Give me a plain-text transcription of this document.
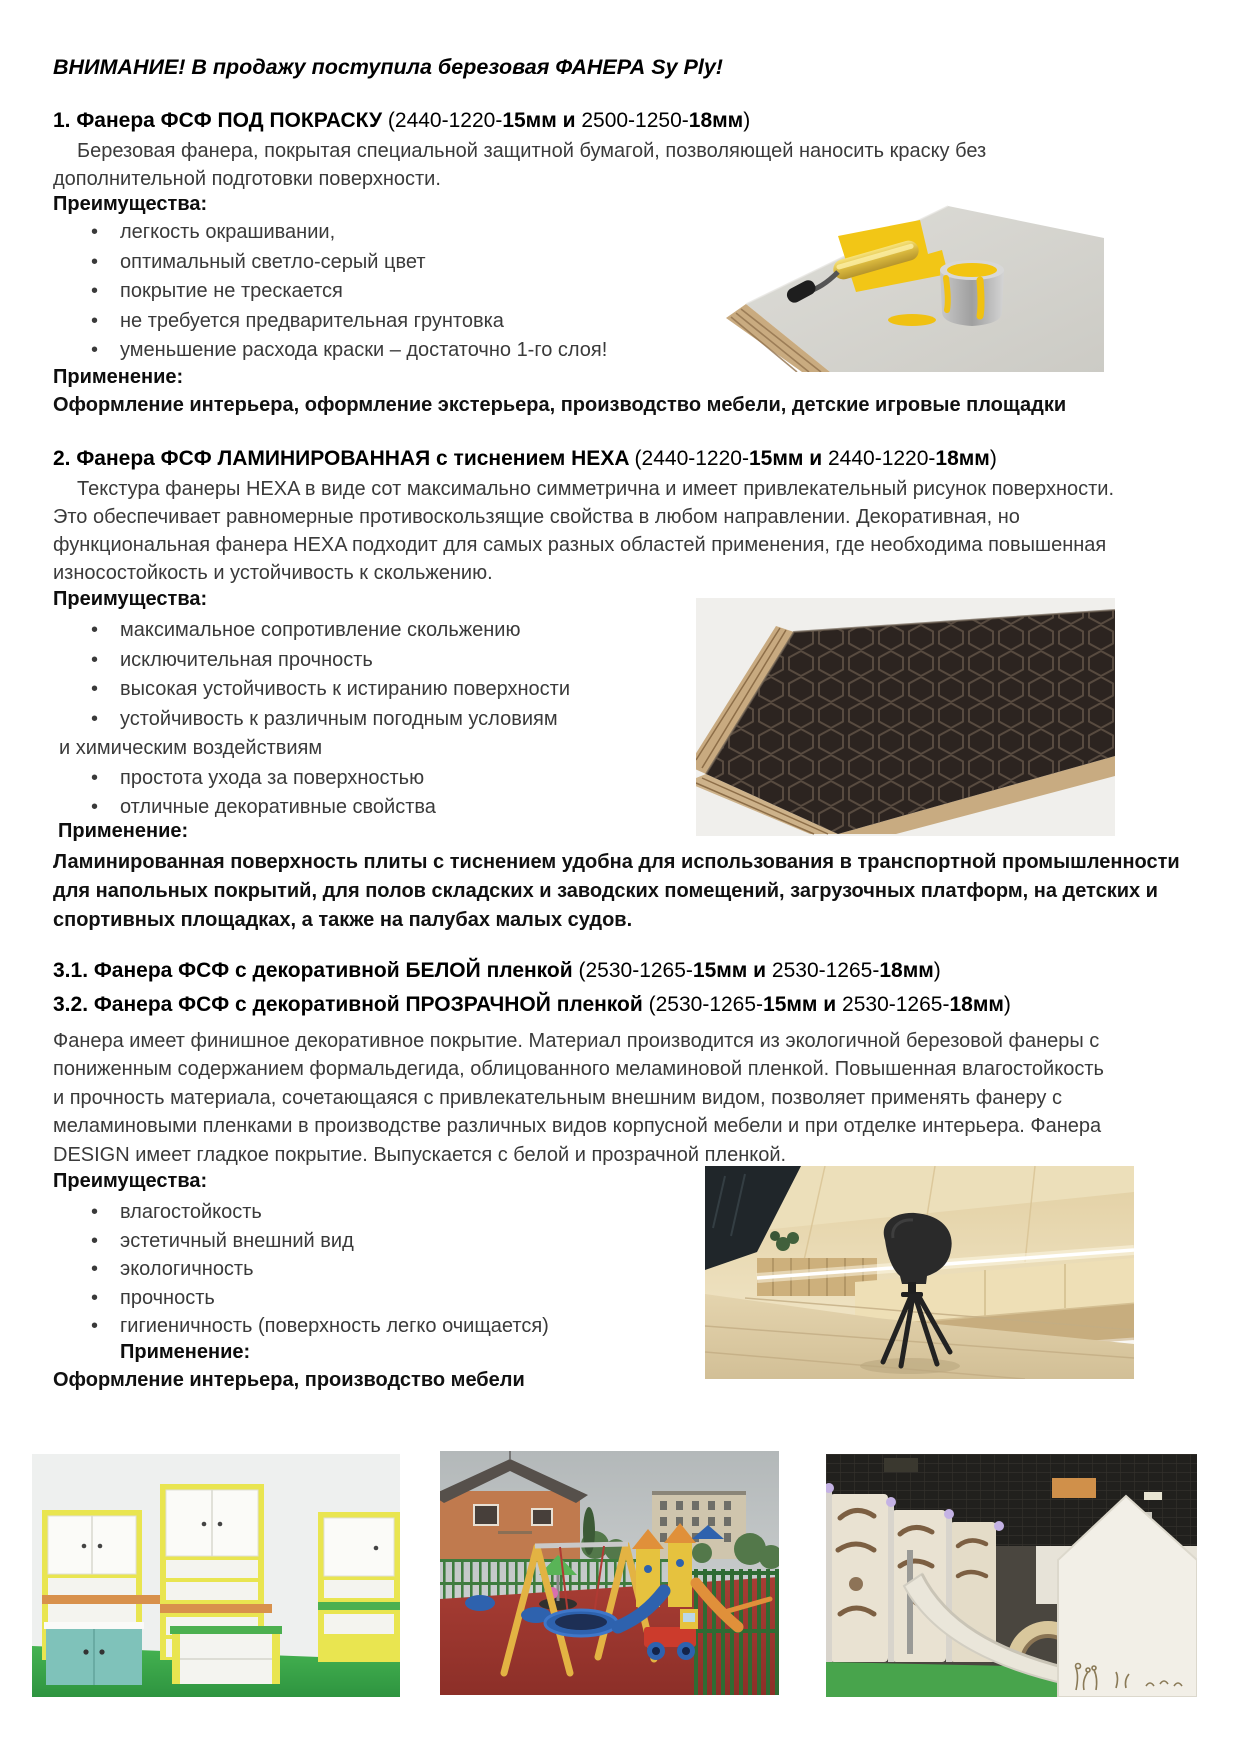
ВНИМАНИЕ! В продажу поступила березовая ФАНЕРА Sy Ply!
1. Фанера ФСФ ПОД ПОКРАСКУ (2440-1220-15мм и 2500-1250-18мм)
Березовая фанера, покрытая специальной защитной бумагой, позволяющей наносить краску без
дополнительной подготовки поверхности.
Преимущества:
• легкость окрашивании,
• оптимальный светло-серый цвет
• покрытие не трескается
• не требуется предварительная грунтовка
• уменьшение расхода краски – достаточно 1-го слоя!
Применение:
Оформление интерьера, оформление экстерьера, производство мебели, детские игровые площадки
2. Фанера ФСФ ЛАМИНИРОВАННАЯ с тиснением HEXA (2440-1220-15мм и 2440-1220-18мм)
Текстура фанеры HEXA в виде сот максимально симметрична и имеет привлекательный рисунок поверхности.
Это обеспечивает равномерные противоскользящие свойства в любом направлении. Декоративная, но
функциональная фанера HEXA подходит для самых разных областей применения, где необходима повышенная
износостойкость и устойчивость к скольжению.
Преимущества:
• максимальное сопротивление скольжению
• исключительная прочность
• высокая устойчивость к истиранию поверхности
• устойчивость к различным погодным условиям
и химическим воздействиям
• простота ухода за поверхностью
• отличные декоративные свойства
Применение:
Ламинированная поверхность плиты с тиснением удобна для использования в транспортной промышленности
для напольных покрытий, для полов складских и заводских помещений, загрузочных платформ, на детских и
спортивных площадках, а также на палубах малых судов.
3.1. Фанера ФСФ с декоративной БЕЛОЙ пленкой (2530-1265-15мм и 2530-1265-18мм)
3.2. Фанера ФСФ с декоративной ПРОЗРАЧНОЙ пленкой (2530-1265-15мм и 2530-1265-18мм)
Фанера имеет финишное декоративное покрытие. Материал производится из экологичной березовой фанеры с
пониженным содержанием формальдегида, облицованного меламиновой пленкой. Повышенная влагостойкость
и прочность материала, сочетающаяся с привлекательным внешним видом, позволяет применять фанеру с
меламиновыми пленками в производстве различных видов корпусной мебели и при отделке интерьера. Фанера
DESIGN имеет гладкое покрытие. Выпускается с белой и прозрачной пленкой.
Преимущества:
• влагостойкость
• эстетичный внешний вид
• экологичность
• прочность
• гигиеничность (поверхность легко очищается)
Применение:
Оформление интерьера, производство мебели
